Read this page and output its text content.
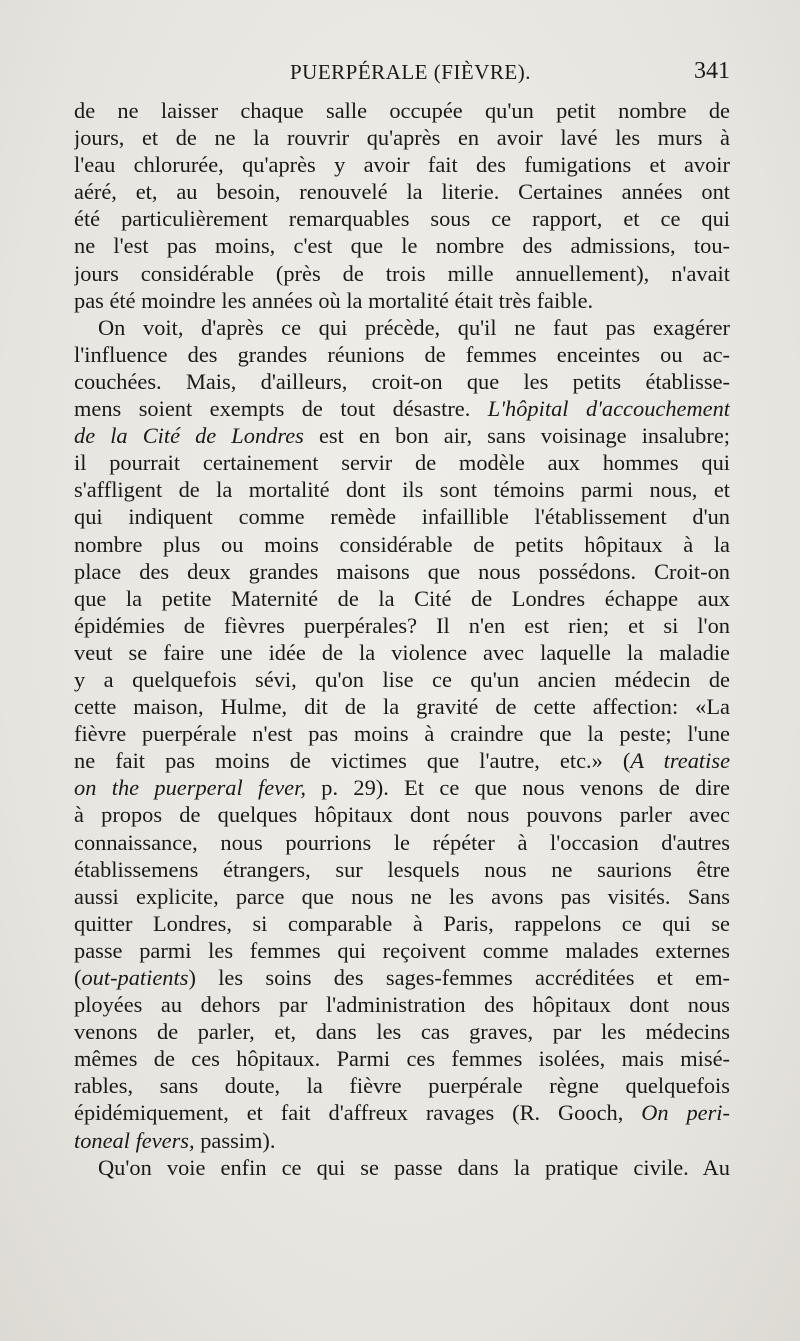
PUERPÉRALE (FIÈVRE).	341
de ne laisser chaque salle occupée qu'un petit nombre de
jours, et de ne la rouvrir qu'après en avoir lavé les murs à
l'eau chlorurée, qu'après y avoir fait des fumigations et avoir
aéré, et, au besoin, renouvelé la literie. Certaines années ont
été particulièrement remarquables sous ce rapport, et ce qui
ne l'est pas moins, c'est que le nombre des admissions, tou-
jours considérable (près de trois mille annuellement), n'avait
pas été moindre les années où la mortalité était très faible.
On voit, d'après ce qui précède, qu'il ne faut pas exagérer
l'influence des grandes réunions de femmes enceintes ou ac-
couchées. Mais, d'ailleurs, croit-on que les petits établisse-
mens soient exempts de tout désastre. L'hôpital d'accouchement
de la Cité de Londres est en bon air, sans voisinage insalubre;
il pourrait certainement servir de modèle aux hommes qui
s'affligent de la mortalité dont ils sont témoins parmi nous, et
qui indiquent comme remède infaillible l'établissement d'un
nombre plus ou moins considérable de petits hôpitaux à la
place des deux grandes maisons que nous possédons. Croit-on
que la petite Maternité de la Cité de Londres échappe aux
épidémies de fièvres puerpérales? Il n'en est rien; et si l'on
veut se faire une idée de la violence avec laquelle la maladie
y a quelquefois sévi, qu'on lise ce qu'un ancien médecin de
cette maison, Hulme, dit de la gravité de cette affection: «La
fièvre puerpérale n'est pas moins à craindre que la peste; l'une
ne fait pas moins de victimes que l'autre, etc.» (A treatise
on the puerperal fever, p. 29). Et ce que nous venons de dire
à propos de quelques hôpitaux dont nous pouvons parler avec
connaissance, nous pourrions le répéter à l'occasion d'autres
établissemens étrangers, sur lesquels nous ne saurions être
aussi explicite, parce que nous ne les avons pas visités. Sans
quitter Londres, si comparable à Paris, rappelons ce qui se
passe parmi les femmes qui reçoivent comme malades externes
(out-patients) les soins des sages-femmes accréditées et em-
ployées au dehors par l'administration des hôpitaux dont nous
venons de parler, et, dans les cas graves, par les médecins
mêmes de ces hôpitaux. Parmi ces femmes isolées, mais misé-
rables, sans doute, la fièvre puerpérale règne quelquefois
épidémiquement, et fait d'affreux ravages (R. Gooch, On peri-
toneal fevers, passim).
Qu'on voie enfin ce qui se passe dans la pratique civile. Au
